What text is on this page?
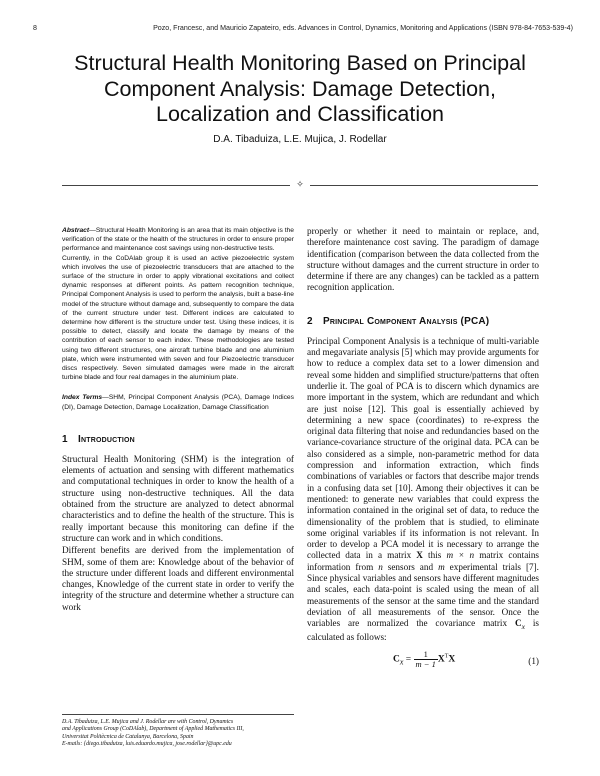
8	Pozo, Francesc, and Mauricio Zapateiro, eds. Advances in Control, Dynamics, Monitoring and Applications (ISBN 978-84-7653-539-4)
Structural Health Monitoring Based on Principal
Component Analysis: Damage Detection,
Localization and Classification
D.A. Tibaduiza, L.E. Mujica, J. Rodellar
✧

Abstract—Structural Health Monitoring is an area that its main objective is the verification of the state or the health of the structures in order to ensure proper performance and maintenance cost savings using non-destructive tests.

Currently, in the CoDAlab group it is used an active piezoelectric system which involves the use of piezoelectric transducers that are attached to the surface of the structure in order to apply vibrational excitations and collect dynamic responses at different points. As pattern recognition technique, Principal Component Analysis is used to perform the analysis, built a base-line model of the structure without damage and, subsequently to compare the data of the current structure under test. Different indices are calculated to determine how different is the structure under test. Using these indices, it is possible to detect, classify and locate the damage by means of the contribution of each sensor to each index. These methodologies are tested using two different structures, one aircraft turbine blade and one aluminium plate, which were instrumented with seven and four Piezoelectric transducer discs respectively. Seven simulated damages were made in the aircraft turbine blade and four real damages in the aluminium plate.

Index Terms—SHM, Principal Component Analysis (PCA), Damage Indices (DI), Damage Detection, Damage Localization, Damage Classification

1 Introduction

Structural Health Monitoring (SHM) is the integration of elements of actuation and sensing with different mathematics and computational techniques in order to know the health of a structure using non-destructive techniques. All the data obtained from the structure are analyzed to detect abnormal characteristics and to define the health of the structure. This is really important because this monitoring can define if the structure can work and in which conditions.

Different benefits are derived from the implementation of SHM, some of them are: Knowledge about of the behavior of the structure under different loads and different environmental changes, Knowledge of the current state in order to verify the integrity of the structure and determine whether a structure can work

properly or whether it need to maintain or replace, and, therefore maintenance cost saving. The paradigm of damage identification (comparison between the data collected from the structure without damages and the current structure in order to determine if there are any changes) can be tackled as a pattern recognition application.

2 Principal Component Analysis (PCA)

Principal Component Analysis is a technique of multi-variable and megavariate analysis [5] which may provide arguments for how to reduce a complex data set to a lower dimension and reveal some hidden and simplified structure/patterns that often underlie it. The goal of PCA is to discern which dynamics are more important in the system, which are redundant and which are just noise [12]. This goal is essentially achieved by determining a new space (coordinates) to re-express the original data filtering that noise and redundancies based on the variance-covariance structure of the original data. PCA can be also considered as a simple, non-parametric method for data compression and information extraction, which finds combinations of variables or factors that describe major trends in a confusing data set [10]. Among their objectives it can be mentioned: to generate new variables that could express the information contained in the original set of data, to reduce the dimensionality of the problem that is studied, to eliminate some original variables if its information is not relevant. In order to develop a PCA model it is necessary to arrange the collected data in a matrix X this m × n matrix contains information from n sensors and m experimental trials [7]. Since physical variables and sensors have different magnitudes and scales, each data-point is scaled using the mean of all measurements of the sensor at the same time and the standard deviation of all measurements of the sensor. Once the variables are normalized the covariance matrix $C_x$ is calculated as follows:

$C_x = \frac{1}{m - 1} X^TX$	(1)
D.A. Tibaduiza, L.E. Mujica and J. Rodellar are with Control, Dynamics
and Applications Group (CoDAlab), Department of Applied Mathematics III,
Universitat Politècnica de Catalunya, Barcelona, Spain
E-mails: {diego.tibaduiza, luis.eduardo.mujica, jose.rodellar}@upc.edu
